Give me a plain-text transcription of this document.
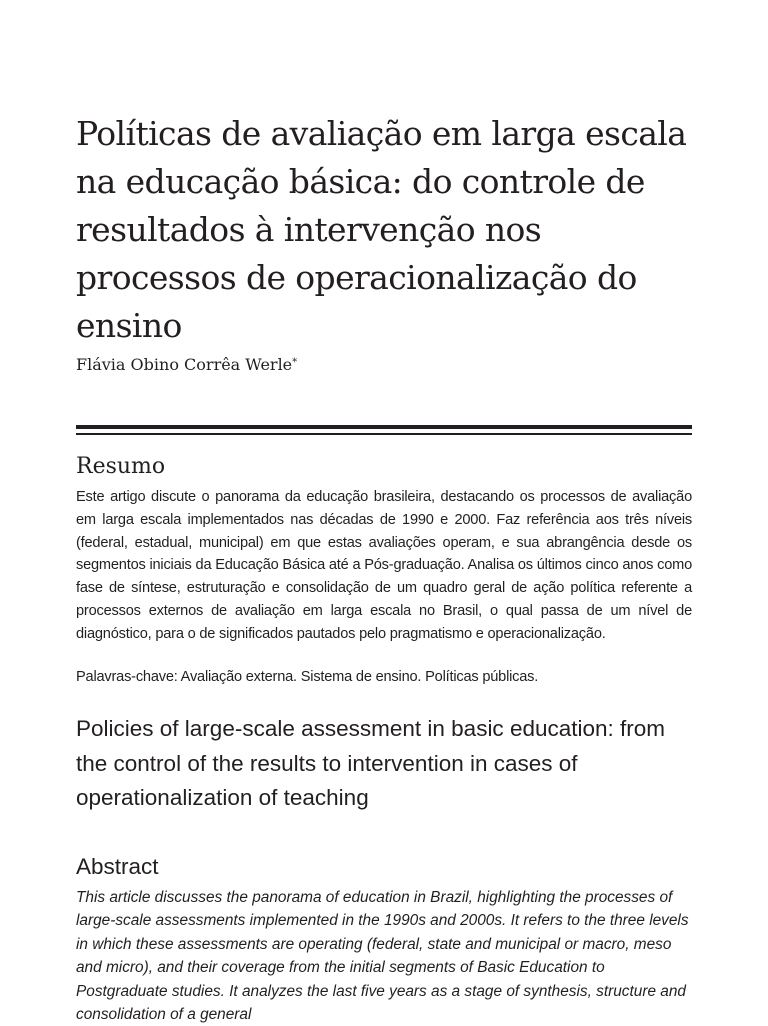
Políticas de avaliação em larga escala na educação básica: do controle de resultados à intervenção nos processos de operacionalização do ensino
Flávia Obino Corrêa Werle*
Resumo

Este artigo discute o panorama da educação brasileira, destacando os processos de avaliação em larga escala implementados nas décadas de 1990 e 2000. Faz referência aos três níveis (federal, estadual, municipal) em que estas avaliações operam, e sua abrangência desde os segmentos iniciais da Educação Básica até a Pós-graduação. Analisa os últimos cinco anos como fase de síntese, estruturação e consolidação de um quadro geral de ação política referente a processos externos de avaliação em larga escala no Brasil, o qual passa de um nível de diagnóstico, para o de significados pautados pelo pragmatismo e operacionalização.

Palavras-chave: Avaliação externa. Sistema de ensino. Políticas públicas.

Policies of large-scale assessment in basic education: from the control of the results to intervention in cases of operationalization of teaching
Abstract

This article discusses the panorama of education in Brazil, highlighting the processes of large-scale assessments implemented in the 1990s and 2000s. It refers to the three levels in which these assessments are operating (federal, state and municipal or macro, meso and micro), and their coverage from the initial segments of Basic Education to Postgraduate studies. It analyzes the last five years as a stage of synthesis, structure and consolidation of a general
